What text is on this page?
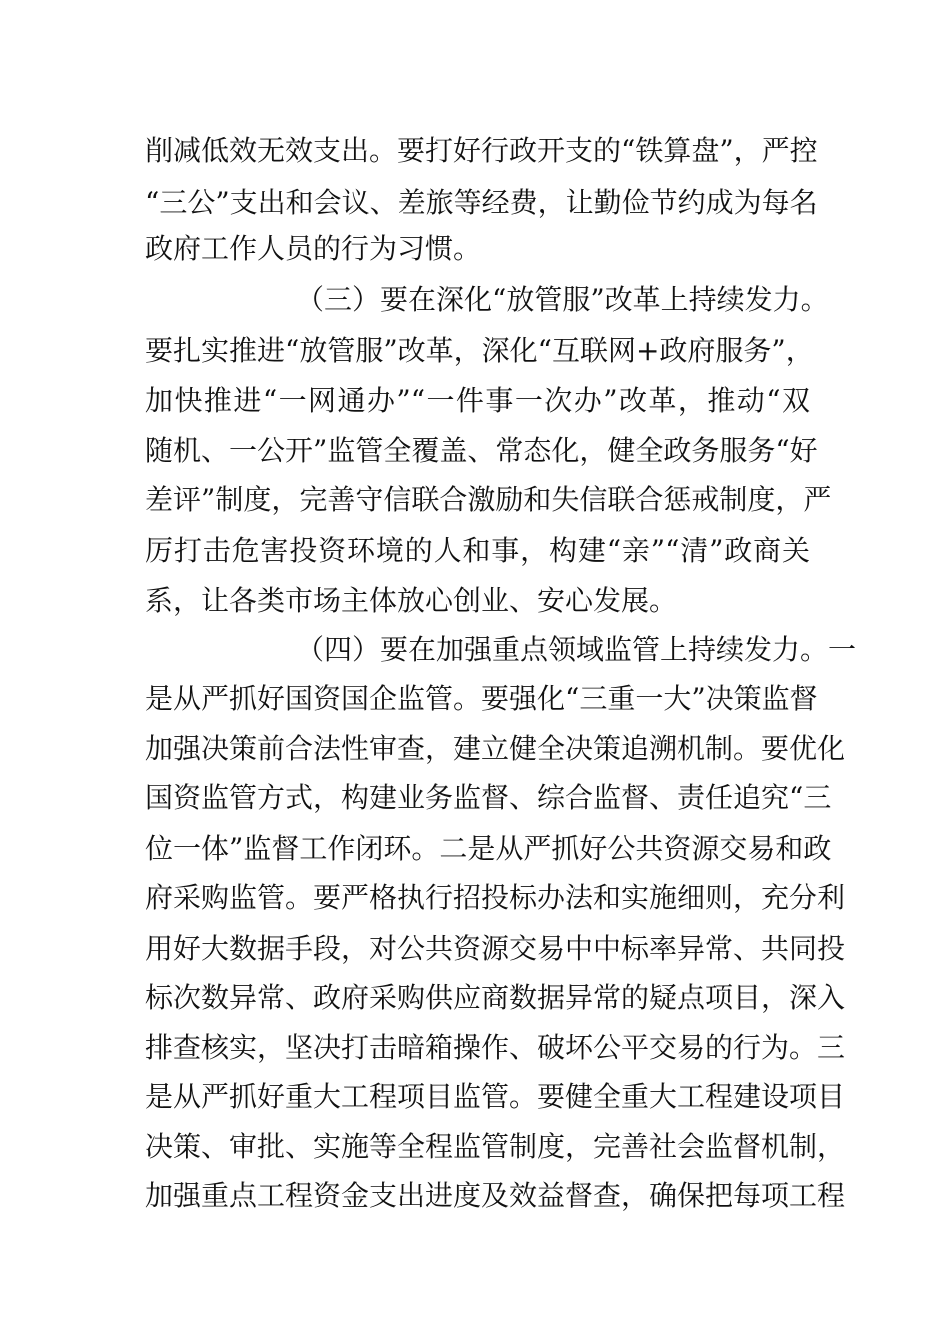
削减低效无效支出。要打好行政开支的“铁算盘”，严控
“三公”支出和会议、差旅等经费，让勤俭节约成为每名
政府工作人员的行为习惯。
（三）要在深化“放管服”改革上持续发力。
要扎实推进“放管服”改革，深化“互联网+政府服务”，
加快推进“一网通办”“一件事一次办”改革，推动“双
随机、一公开”监管全覆盖、常态化，健全政务服务“好
差评”制度，完善守信联合激励和失信联合惩戒制度，严
厉打击危害投资环境的人和事，构建“亲”“清”政商关
系，让各类市场主体放心创业、安心发展。
（四）要在加强重点领域监管上持续发力。一
是从严抓好国资国企监管。要强化“三重一大”决策监督
加强决策前合法性审查，建立健全决策追溯机制。要优化
国资监管方式，构建业务监督、综合监督、责任追究“三
位一体”监督工作闭环。二是从严抓好公共资源交易和政
府采购监管。要严格执行招投标办法和实施细则，充分利
用好大数据手段，对公共资源交易中中标率异常、共同投
标次数异常、政府采购供应商数据异常的疑点项目，深入
排查核实，坚决打击暗箱操作、破坏公平交易的行为。三
是从严抓好重大工程项目监管。要健全重大工程建设项目
决策、审批、实施等全程监管制度，完善社会监督机制，
加强重点工程资金支出进度及效益督查，确保把每项工程
